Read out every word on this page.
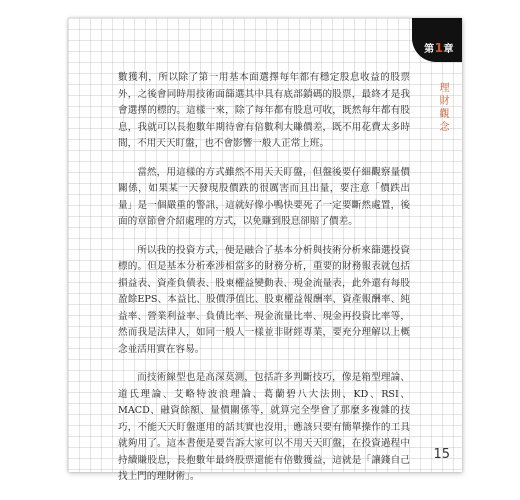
第1章
理財觀念

數獲利，所以除了第一用基本面選擇每年都有穩定股息收益的股票外，之後會同時用技術面篩選其中具有底部鎖碼的股票，最終才是我會選擇的標的。這樣一來，除了每年都有股息可收，既然每年都有股息，我就可以長抱數年期待會有倍數利大賺價差，既不用花費太多時間，不用天天盯盤，也不會影響一般人正常上班。

當然，用這樣的方式雖然不用天天盯盤，但盤後要仔細觀察量價關係，如果某一天發現股價跌的很厲害而且出量，要注意「價跌出量」是一個嚴重的警訊，這就好像小鴨快要死了一定要斷然處置，後面的章節會介紹處理的方式，以免賺到股息卻賠了價差。

所以我的投資方式，便是融合了基本分析與技術分析來篩選投資標的。但是基本分析牽涉相當多的財務分析，重要的財務報表就包括損益表、資產負債表、股東權益變動表、現金流量表，此外還有每股盈餘EPS、本益比、股價淨值比、股東權益報酬率、資產報酬率、純益率、營業利益率、負債比率、現金流量比率、現金再投資比率等，然而我是法律人，如同一般人一樣並非財經專業，要充分理解以上概念並活用實在容易。

而技術線型也是高深莫測，包括許多判斷技巧，像是箱型理論、道氏理論、艾略特波浪理論、葛蘭碧八大法則、KD、RSI、MACD、融資餘額、量價關係等，就算完全學會了那麼多複雜的技巧，不能天天盯盤運用的話其實也沒用，應該只要有簡單操作的工具就夠用了。這本書便是要告訴大家可以不用天天盯盤，在投資過程中持續賺股息，長抱數年最終股票還能有倍數獲益，這就是「讓錢自己找上門的理財術」。

15
